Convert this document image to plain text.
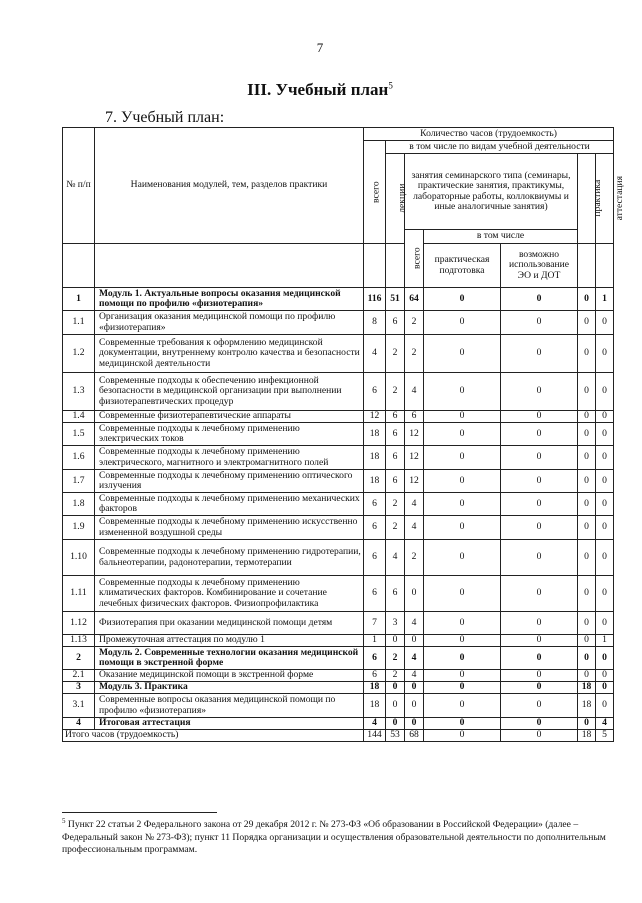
7
III. Учебный план$^5$
7. Учебный план:
№ п/п	Наименования модулей, тем, разделов практики	Количество часов (трудоемкость)						
		всего	в том числе по видам учебной деятельности					
			лекции	занятия семинарского типа (семинары, практические занятия, практикумы, лабораторные работы, коллоквиумы и иные аналогичные занятия)			практика	аттестация
				всего	в том числе			
					практическая подготовка	возможно использование ЭО и ДОТ		
1	Модуль 1. Актуальные вопросы оказания медицинской помощи по профилю «физиотерапия»	116	51	64	0	0	0	1
1.1	Организация оказания медицинской помощи по профилю «физиотерапия»	8	6	2	0	0	0	0
1.2	Современные требования к оформлению медицинской документации, внутреннему контролю качества и безопасности медицинской деятельности	4	2	2	0	0	0	0
1.3	Современные подходы к обеспечению инфекционной безопасности в медицинской организации при выполнении физиотерапевтических процедур	6	2	4	0	0	0	0
1.4	Современные физиотерапевтические аппараты	12	6	6	0	0	0	0
1.5	Современные подходы к лечебному применению электрических токов	18	6	12	0	0	0	0
1.6	Современные подходы к лечебному применению электрического, магнитного и электромагнитного полей	18	6	12	0	0	0	0
1.7	Современные подходы к лечебному применению оптического излучения	18	6	12	0	0	0	0
1.8	Современные подходы к лечебному применению механических факторов	6	2	4	0	0	0	0
1.9	Современные подходы к лечебному применению искусственно измененной воздушной среды	6	2	4	0	0	0	0
1.10	Современные подходы к лечебному применению гидротерапии, бальнеотерапии, радонотерапии, термотерапии	6	4	2	0	0	0	0
1.11	Современные подходы к лечебному применению климатических факторов. Комбинирование и сочетание лечебных физических факторов. Физиопрофилактика	6	6	0	0	0	0	0
1.12	Физиотерапия при оказании медицинской помощи детям	7	3	4	0	0	0	0
1.13	Промежуточная аттестация по модулю 1	1	0	0	0	0	0	1
2	Модуль 2. Современные технологии оказания медицинской помощи в экстренной форме	6	2	4	0	0	0	0
2.1	Оказание медицинской помощи в экстренной форме	6	2	4	0	0	0	0
3	Модуль 3. Практика	18	0	0	0	0	18	0
3.1	Современные вопросы оказания медицинской помощи по профилю «физиотерапия»	18	0	0	0	0	18	0
4	Итоговая аттестация	4	0	0	0	0	0	4
Итого часов (трудоемкость)		144	53	68	0	0	18	5
$^5$ Пункт 22 статьи 2 Федерального закона от 29 декабря 2012 г. № 273-ФЗ «Об образовании в Российской Федерации» (далее – Федеральный закон № 273-ФЗ); пункт 11 Порядка организации и осуществления образовательной деятельности по дополнительным профессиональным программам.
